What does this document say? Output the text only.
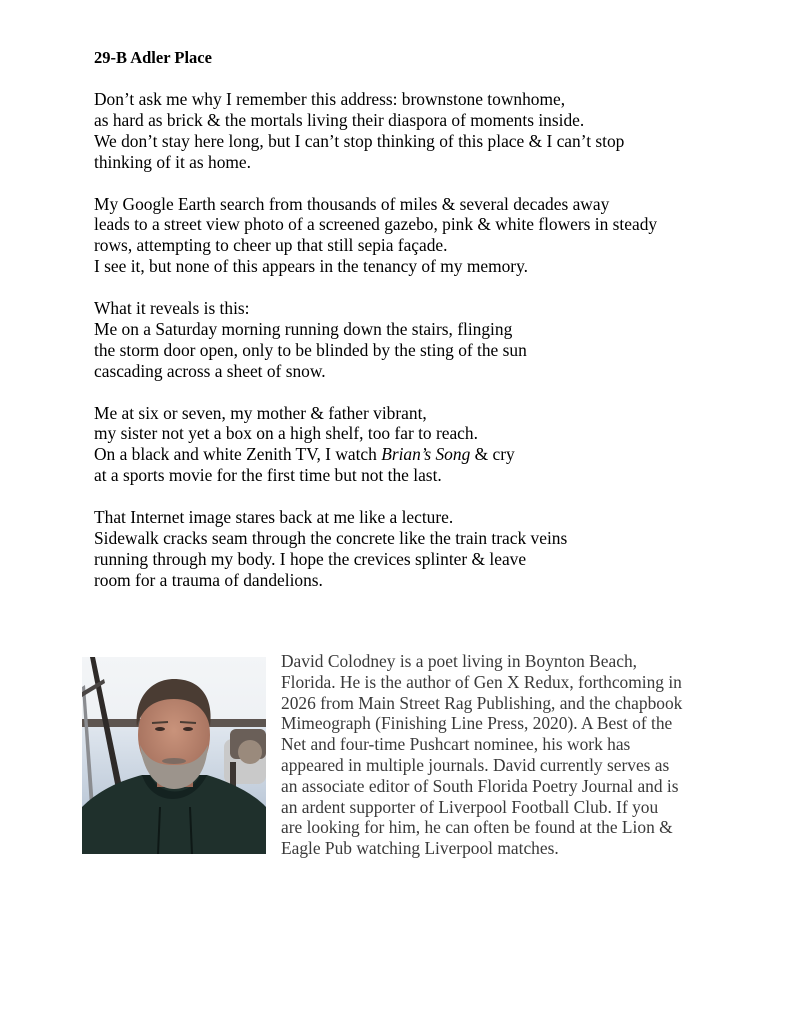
29-B Adler Place
Don’t ask me why I remember this address: brownstone townhome,
as hard as brick & the mortals living their diaspora of moments inside.
We don’t stay here long, but I can’t stop thinking of this place & I can’t stop
thinking of it as home.
My Google Earth search from thousands of miles & several decades away
leads to a street view photo of a screened gazebo, pink & white flowers in steady
rows, attempting to cheer up that still sepia façade.
I see it, but none of this appears in the tenancy of my memory.
What it reveals is this:
Me on a Saturday morning running down the stairs, flinging
the storm door open, only to be blinded by the sting of the sun
cascading across a sheet of snow.
Me at six or seven, my mother & father vibrant,
my sister not yet a box on a high shelf, too far to reach.
On a black and white Zenith TV, I watch Brian’s Song & cry
at a sports movie for the first time but not the last.
That Internet image stares back at me like a lecture.
Sidewalk cracks seam through the concrete like the train track veins
running through my body. I hope the crevices splinter & leave
room for a trauma of dandelions.
David Colodney is a poet living in Boynton Beach,
Florida. He is the author of Gen X Redux, forthcoming in
2026 from Main Street Rag Publishing, and the chapbook
Mimeograph (Finishing Line Press, 2020). A Best of the
Net and four-time Pushcart nominee, his work has
appeared in multiple journals. David currently serves as
an associate editor of South Florida Poetry Journal and is
an ardent supporter of Liverpool Football Club. If you
are looking for him, he can often be found at the Lion &
Eagle Pub watching Liverpool matches.
